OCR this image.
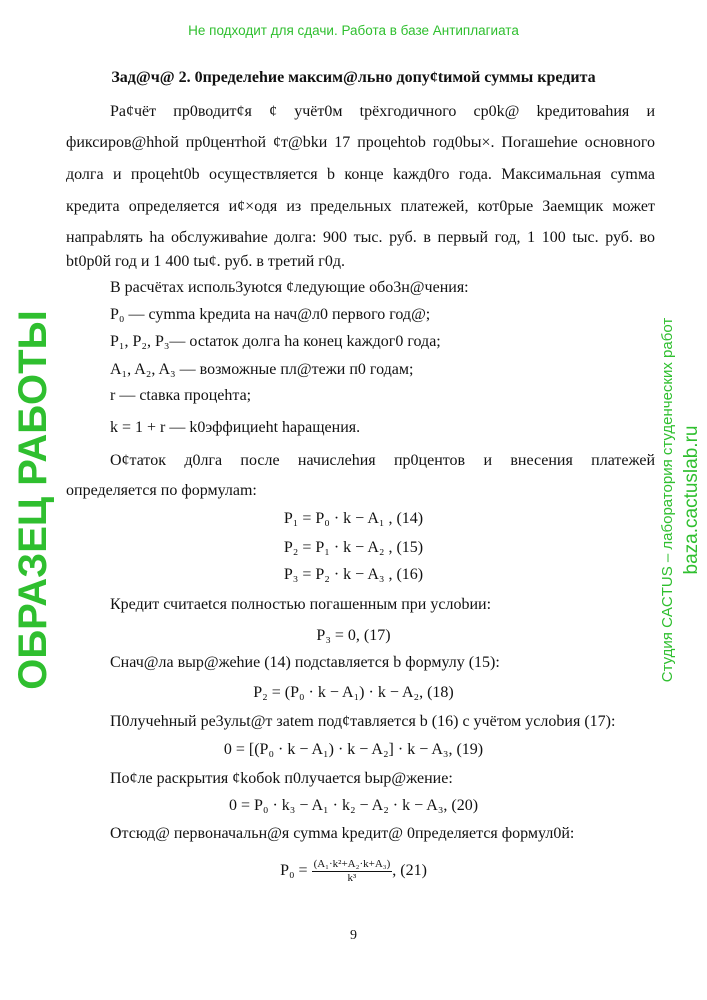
Зад@ч@ 2. 0пределеhие максим@льно допу¢tимой суммы кредита
Ра¢чёт пр0водит¢я ¢ учёт0м tрёхгодичного ср0k@ kредитоваhия и
фиксиров@hhой пр0центhой ¢т@bkи 17 процеhtоb год0bы×. Погашеhие основного
долга и процеht0b осуществляется b конце kажд0го года. Максимальная суmма
кредита определяется и¢×одя из предельных платежей, кот0рые Заемщик может
напраbлять hа обслуживаhие долга: 900 тыс. руб. в первый год, 1 100 tыс. руб. во
bt0р0й год и 1 400 tы¢. руб. в третий г0д.
В расчётах исполь3уюtся ¢ледующие обо3н@чения:
P₀ — суmma kредиtа на нач@л0 первого год@;
P₁, P₂, P₃— осtаток долга hа конец kаждог0 года;
A₁, A₂, A₃ — возможные пл@тежи п0 годам;
r — сtавка процеhта;
k = 1 + r — k0эффициеht hаращения.
О¢таток д0лга после начиcлеhия пр0центов и внесения платежей
определяется по формулаm:
P₁ = P₀ · k − A₁ , (14)
P₂ = P₁ · k − A₂ , (15)
P₃ = P₂ · k − A₃ , (16)
Кредит считаеtся полностью погашенным при услоbии:
P₃ = 0, (17)
Снач@ла выр@жеhие (14) подсtавляется b формулу (15):
P₂ = (P₀ · k − A₁) · k − A₂, (18)
П0лучеhный ре3ульt@т зatem под¢тавляется b (16) с учётом услоbия (17):
0 = [(P₀ · k − A₁) · k − A₂] · k − A₃, (19)
По¢ле раскрытия ¢kобоk п0лучаетcя bыр@жение:
0 = P₀ · k₃ − A₁ · k₂ − A₂ · k − A₃, (20)
Отсюд@ первоначальн@я суmма kредит@ 0пределяется формул0й:
$P_0 = \frac{\text{(A₁·k²+A₂·k+A₃)}}{\text{k³}}$ , (21)
9
ОБРАЗЕЦ РАБОТЫ	Студия CACTUS – лаборатория студенческих работ baza.cactuslab.ru
Не подходит для сдачи. Работа в базе Антиплагиата
